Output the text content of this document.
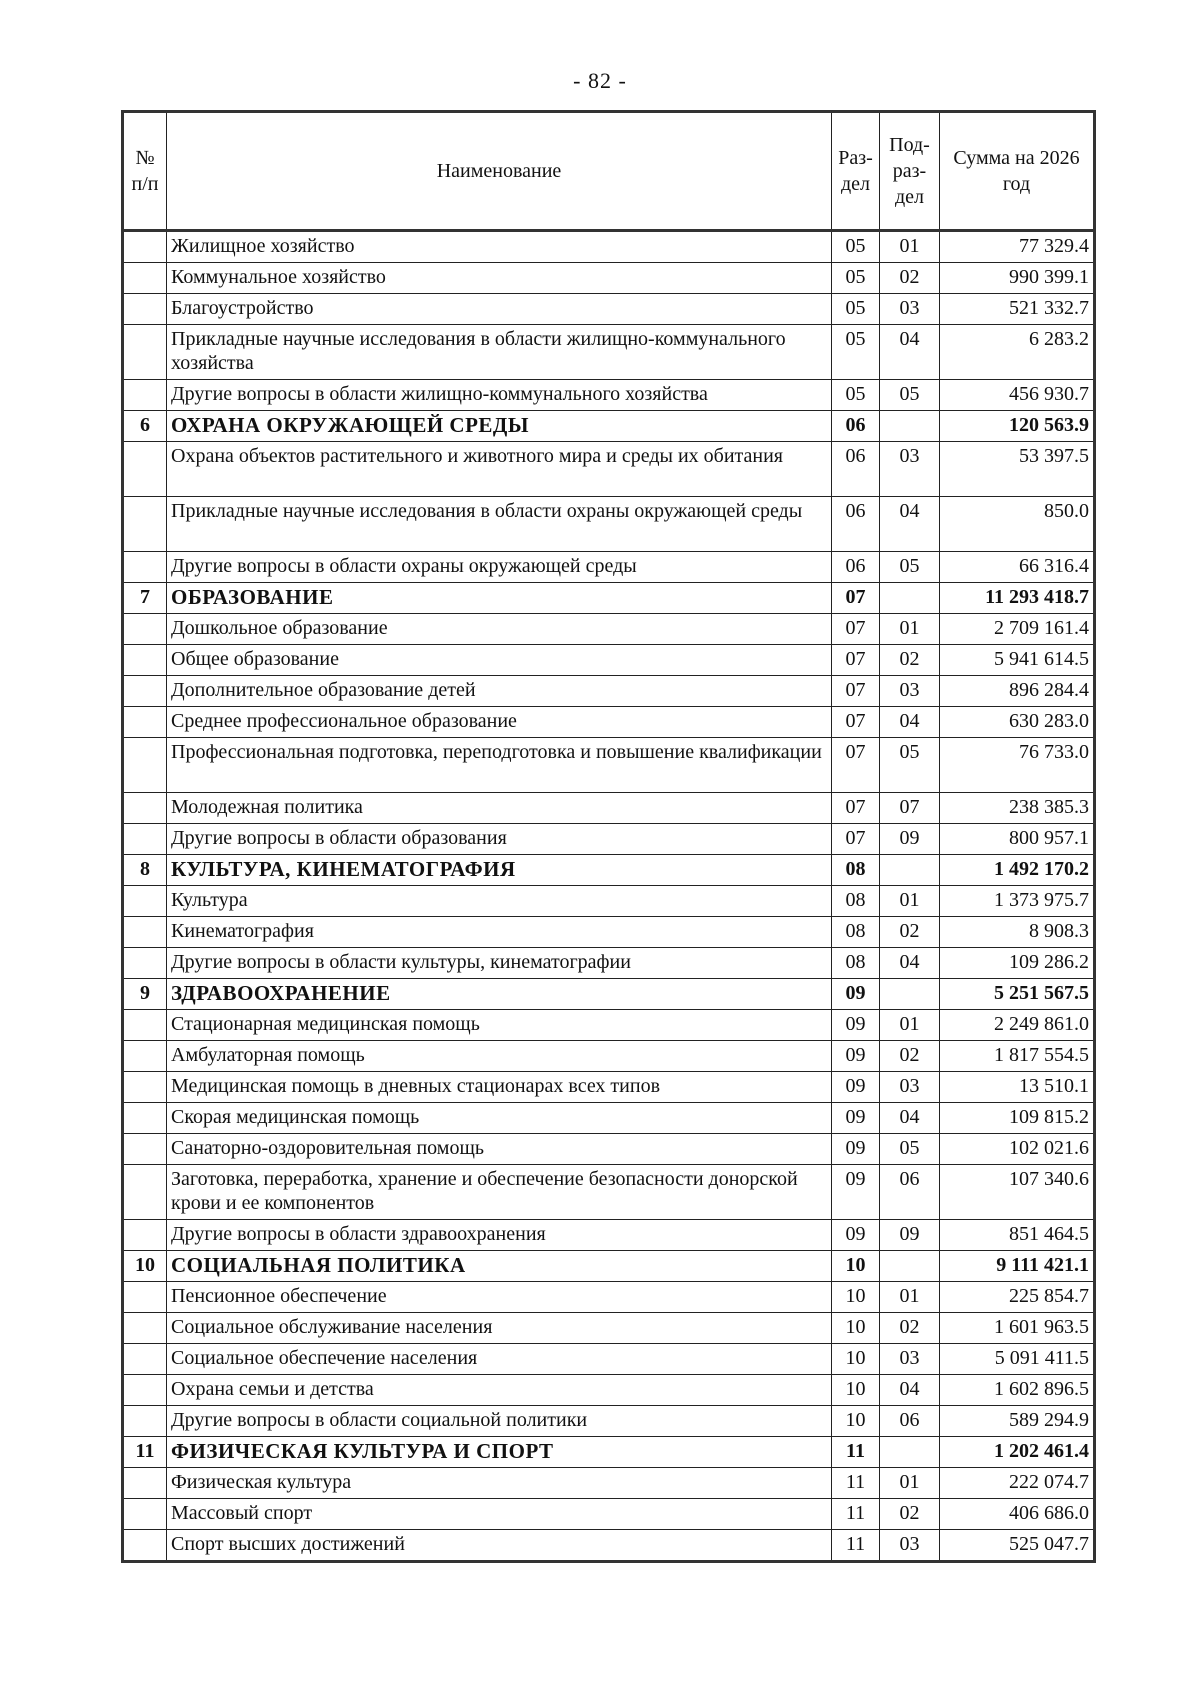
- 82 -
№ п/п	Наименование	Раз-дел	Под-раз-дел	Сумма на 2026 год
	Жилищное хозяйство	05	01	77 329.4
	Коммунальное хозяйство	05	02	990 399.1
	Благоустройство	05	03	521 332.7
	Прикладные научные исследования в области жилищно-коммунального хозяйства	05	04	6 283.2
	Другие вопросы в области жилищно-коммунального хозяйства	05	05	456 930.7
6	ОХРАНА ОКРУЖАЮЩЕЙ СРЕДЫ	06		120 563.9
	Охрана объектов растительного и животного мира и среды их обитания	06	03	53 397.5
	Прикладные научные исследования в области охраны окружающей среды	06	04	850.0
	Другие вопросы в области охраны окружающей среды	06	05	66 316.4
7	ОБРАЗОВАНИЕ	07		11 293 418.7
	Дошкольное образование	07	01	2 709 161.4
	Общее образование	07	02	5 941 614.5
	Дополнительное образование детей	07	03	896 284.4
	Среднее профессиональное образование	07	04	630 283.0
	Профессиональная подготовка, переподготовка и повышение квалификации	07	05	76 733.0
	Молодежная политика	07	07	238 385.3
	Другие вопросы в области образования	07	09	800 957.1
8	КУЛЬТУРА, КИНЕМАТОГРАФИЯ	08		1 492 170.2
	Культура	08	01	1 373 975.7
	Кинематография	08	02	8 908.3
	Другие вопросы в области культуры, кинематографии	08	04	109 286.2
9	ЗДРАВООХРАНЕНИЕ	09		5 251 567.5
	Стационарная медицинская помощь	09	01	2 249 861.0
	Амбулаторная помощь	09	02	1 817 554.5
	Медицинская помощь в дневных стационарах всех типов	09	03	13 510.1
	Скорая медицинская помощь	09	04	109 815.2
	Санаторно-оздоровительная помощь	09	05	102 021.6
	Заготовка, переработка, хранение и обеспечение безопасности донорской крови и ее компонентов	09	06	107 340.6
	Другие вопросы в области здравоохранения	09	09	851 464.5
10	СОЦИАЛЬНАЯ ПОЛИТИКА	10		9 111 421.1
	Пенсионное обеспечение	10	01	225 854.7
	Социальное обслуживание населения	10	02	1 601 963.5
	Социальное обеспечение населения	10	03	5 091 411.5
	Охрана семьи и детства	10	04	1 602 896.5
	Другие вопросы в области социальной политики	10	06	589 294.9
11	ФИЗИЧЕСКАЯ КУЛЬТУРА И СПОРТ	11		1 202 461.4
	Физическая культура	11	01	222 074.7
	Массовый спорт	11	02	406 686.0
	Спорт высших достижений	11	03	525 047.7
